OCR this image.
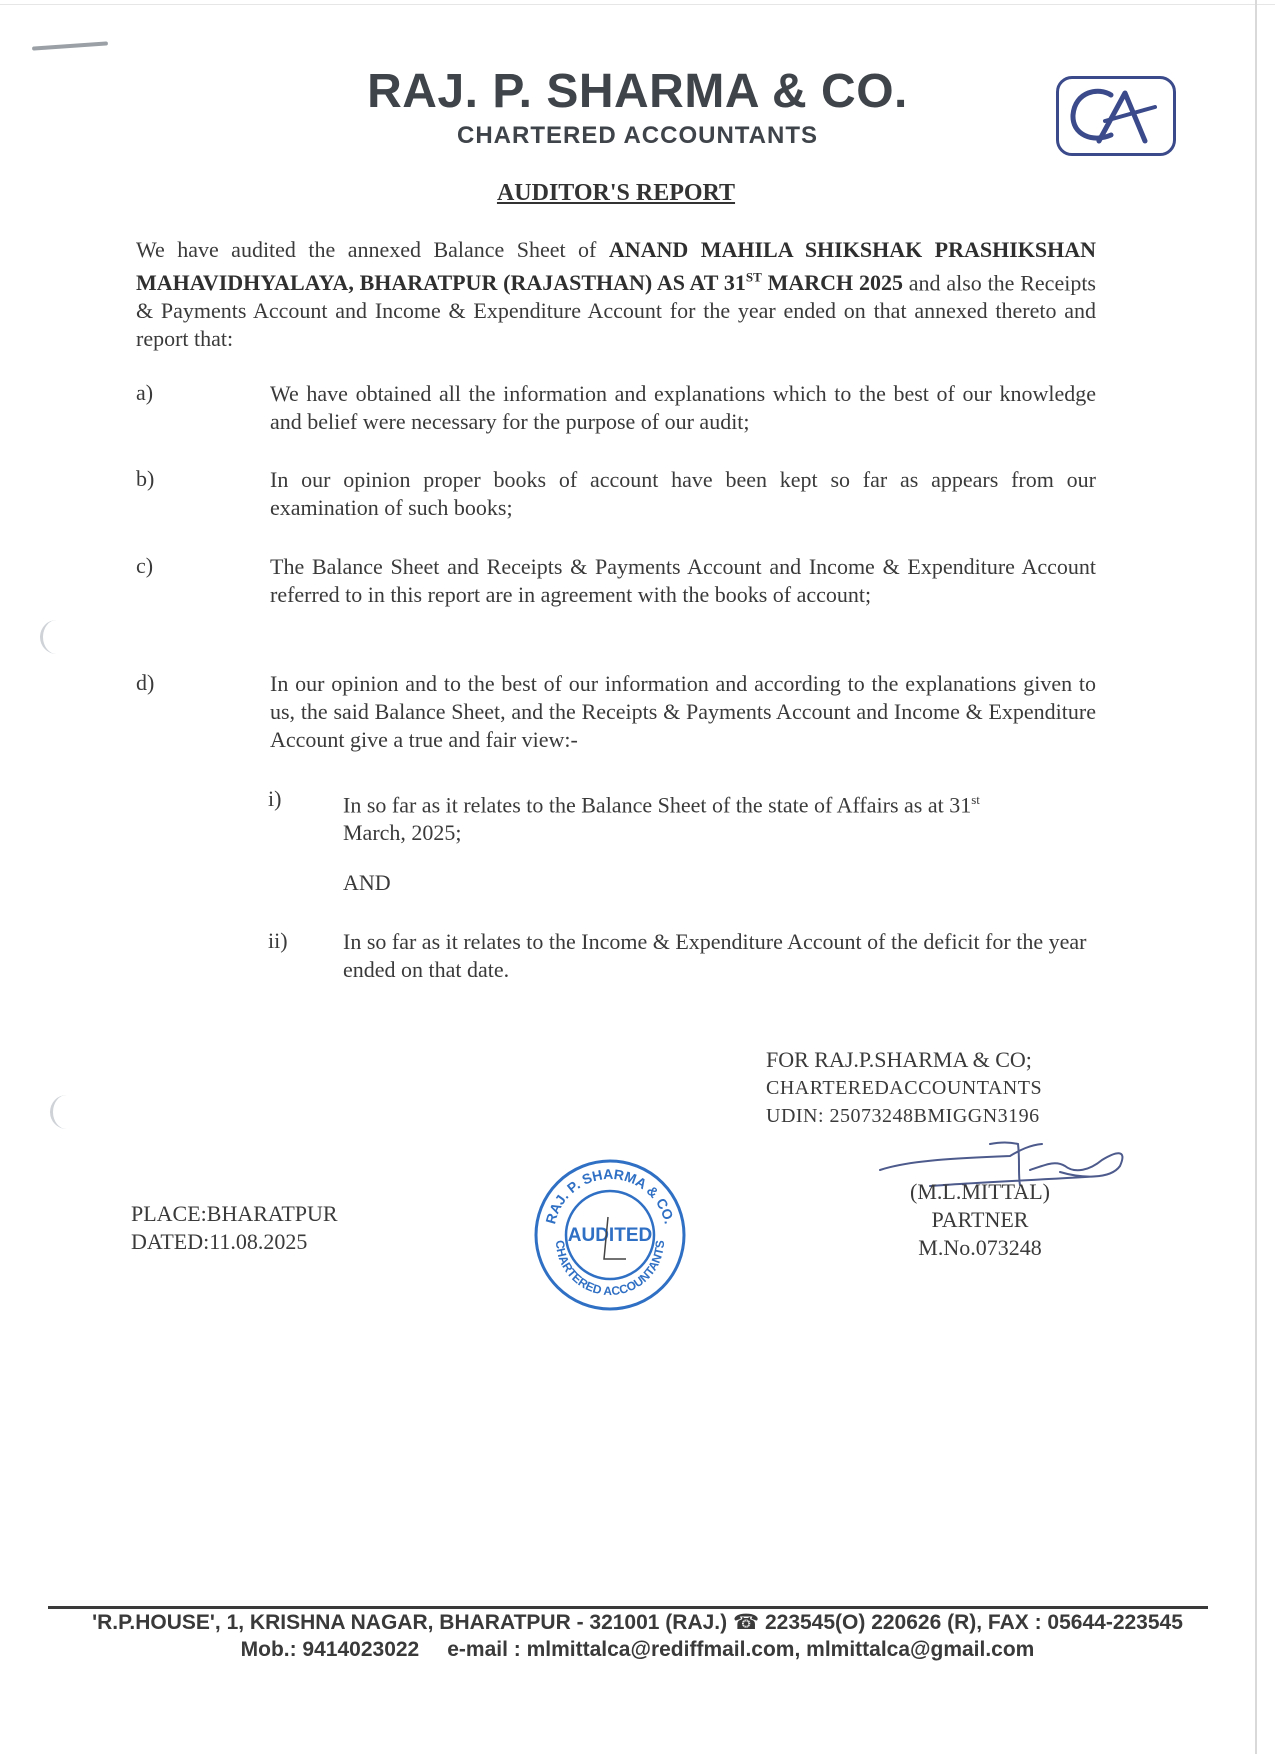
RAJ. P. SHARMA & CO.
CHARTERED ACCOUNTANTS
AUDITOR'S REPORT
We have audited the annexed Balance Sheet of ANAND MAHILA SHIKSHAK PRASHIKSHAN MAHAVIDHYALAYA, BHARATPUR (RAJASTHAN) AS AT 31ST MARCH 2025 and also the Receipts & Payments Account and Income & Expenditure Account for the year ended on that annexed thereto and report that:
a)	We have obtained all the information and explanations which to the best of our knowledge and belief were necessary for the purpose of our audit;
b)	In our opinion proper books of account have been kept so far as appears from our examination of such books;
c)	The Balance Sheet and Receipts & Payments Account and Income & Expenditure Account referred to in this report are in agreement with the books of account;
d)	In our opinion and to the best of our information and according to the explanations given to us, the said Balance Sheet, and the Receipts & Payments Account and Income & Expenditure Account give a true and fair view:-
i)	In so far as it relates to the Balance Sheet of the state of Affairs as at 31st
March, 2025;
AND
ii)	In so far as it relates to the Income & Expenditure Account of the deficit for the year ended on that date.
FOR RAJ.P.SHARMA & CO;
CHARTEREDACCOUNTANTS
UDIN: 25073248BMIGGN3196
(M.L.MITTAL)
PARTNER
M.No.073248
PLACE:BHARATPUR
DATED:11.08.2025
RAJ. P. SHARMA & CO.
CHARTERED ACCOUNTANTS
AUDITED
'R.P.HOUSE', 1, KRISHNA NAGAR, BHARATPUR - 321001 (RAJ.) ☎ 223545(O) 220626 (R), FAX : 05644-223545
Mob.: 9414023022 e-mail : mlmittalca@rediffmail.com, mlmittalca@gmail.com
